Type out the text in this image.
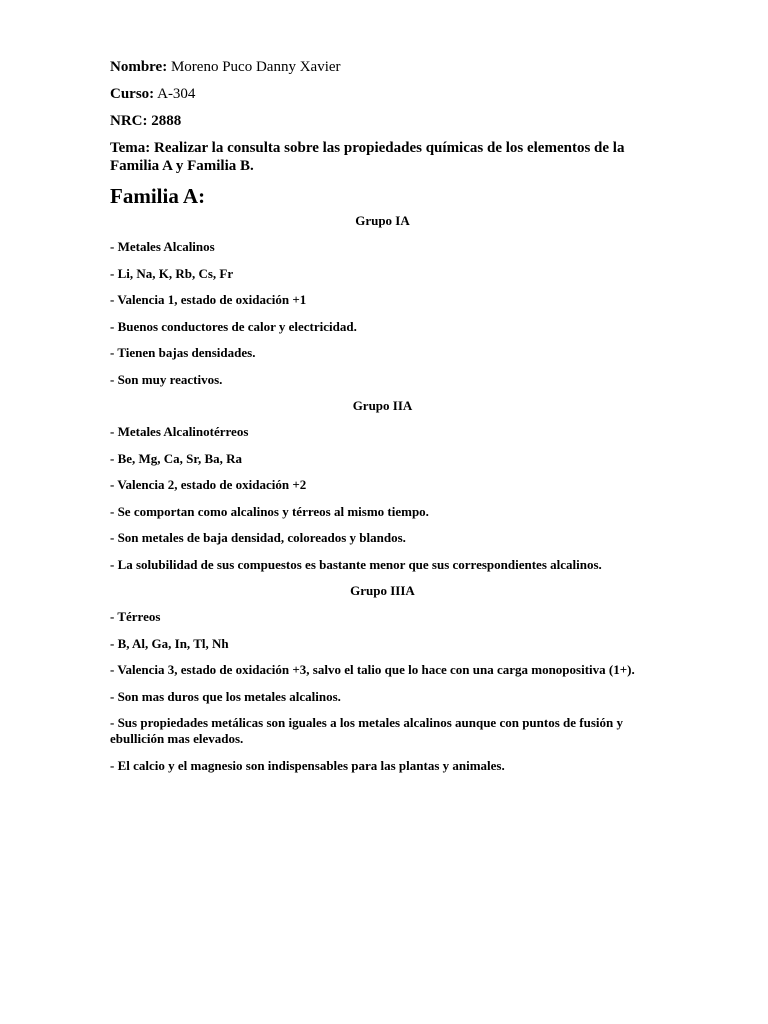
Nombre: Moreno Puco Danny Xavier

Curso: A-304

NRC: 2888

Tema: Realizar la consulta sobre las propiedades químicas de los elementos de la Familia A y Familia B.

Familia A:

Grupo IA

- Metales Alcalinos

- Li, Na, K, Rb, Cs, Fr

- Valencia 1, estado de oxidación +1

- Buenos conductores de calor y electricidad.

- Tienen bajas densidades.

- Son muy reactivos.

Grupo IIA

- Metales Alcalinotérreos

- Be, Mg, Ca, Sr, Ba, Ra

- Valencia 2, estado de oxidación +2

- Se comportan como alcalinos y térreos al mismo tiempo.

- Son metales de baja densidad, coloreados y blandos.

- La solubilidad de sus compuestos es bastante menor que sus correspondientes alcalinos.

Grupo IIIA

- Térreos

- B, Al, Ga, In, Tl, Nh

- Valencia 3, estado de oxidación +3, salvo el talio que lo hace con una carga monopositiva (1+).

- Son mas duros que los metales alcalinos.

- Sus propiedades metálicas son iguales a los metales alcalinos aunque con puntos de fusión y ebullición mas elevados.

- El calcio y el magnesio son indispensables para las plantas y animales.
